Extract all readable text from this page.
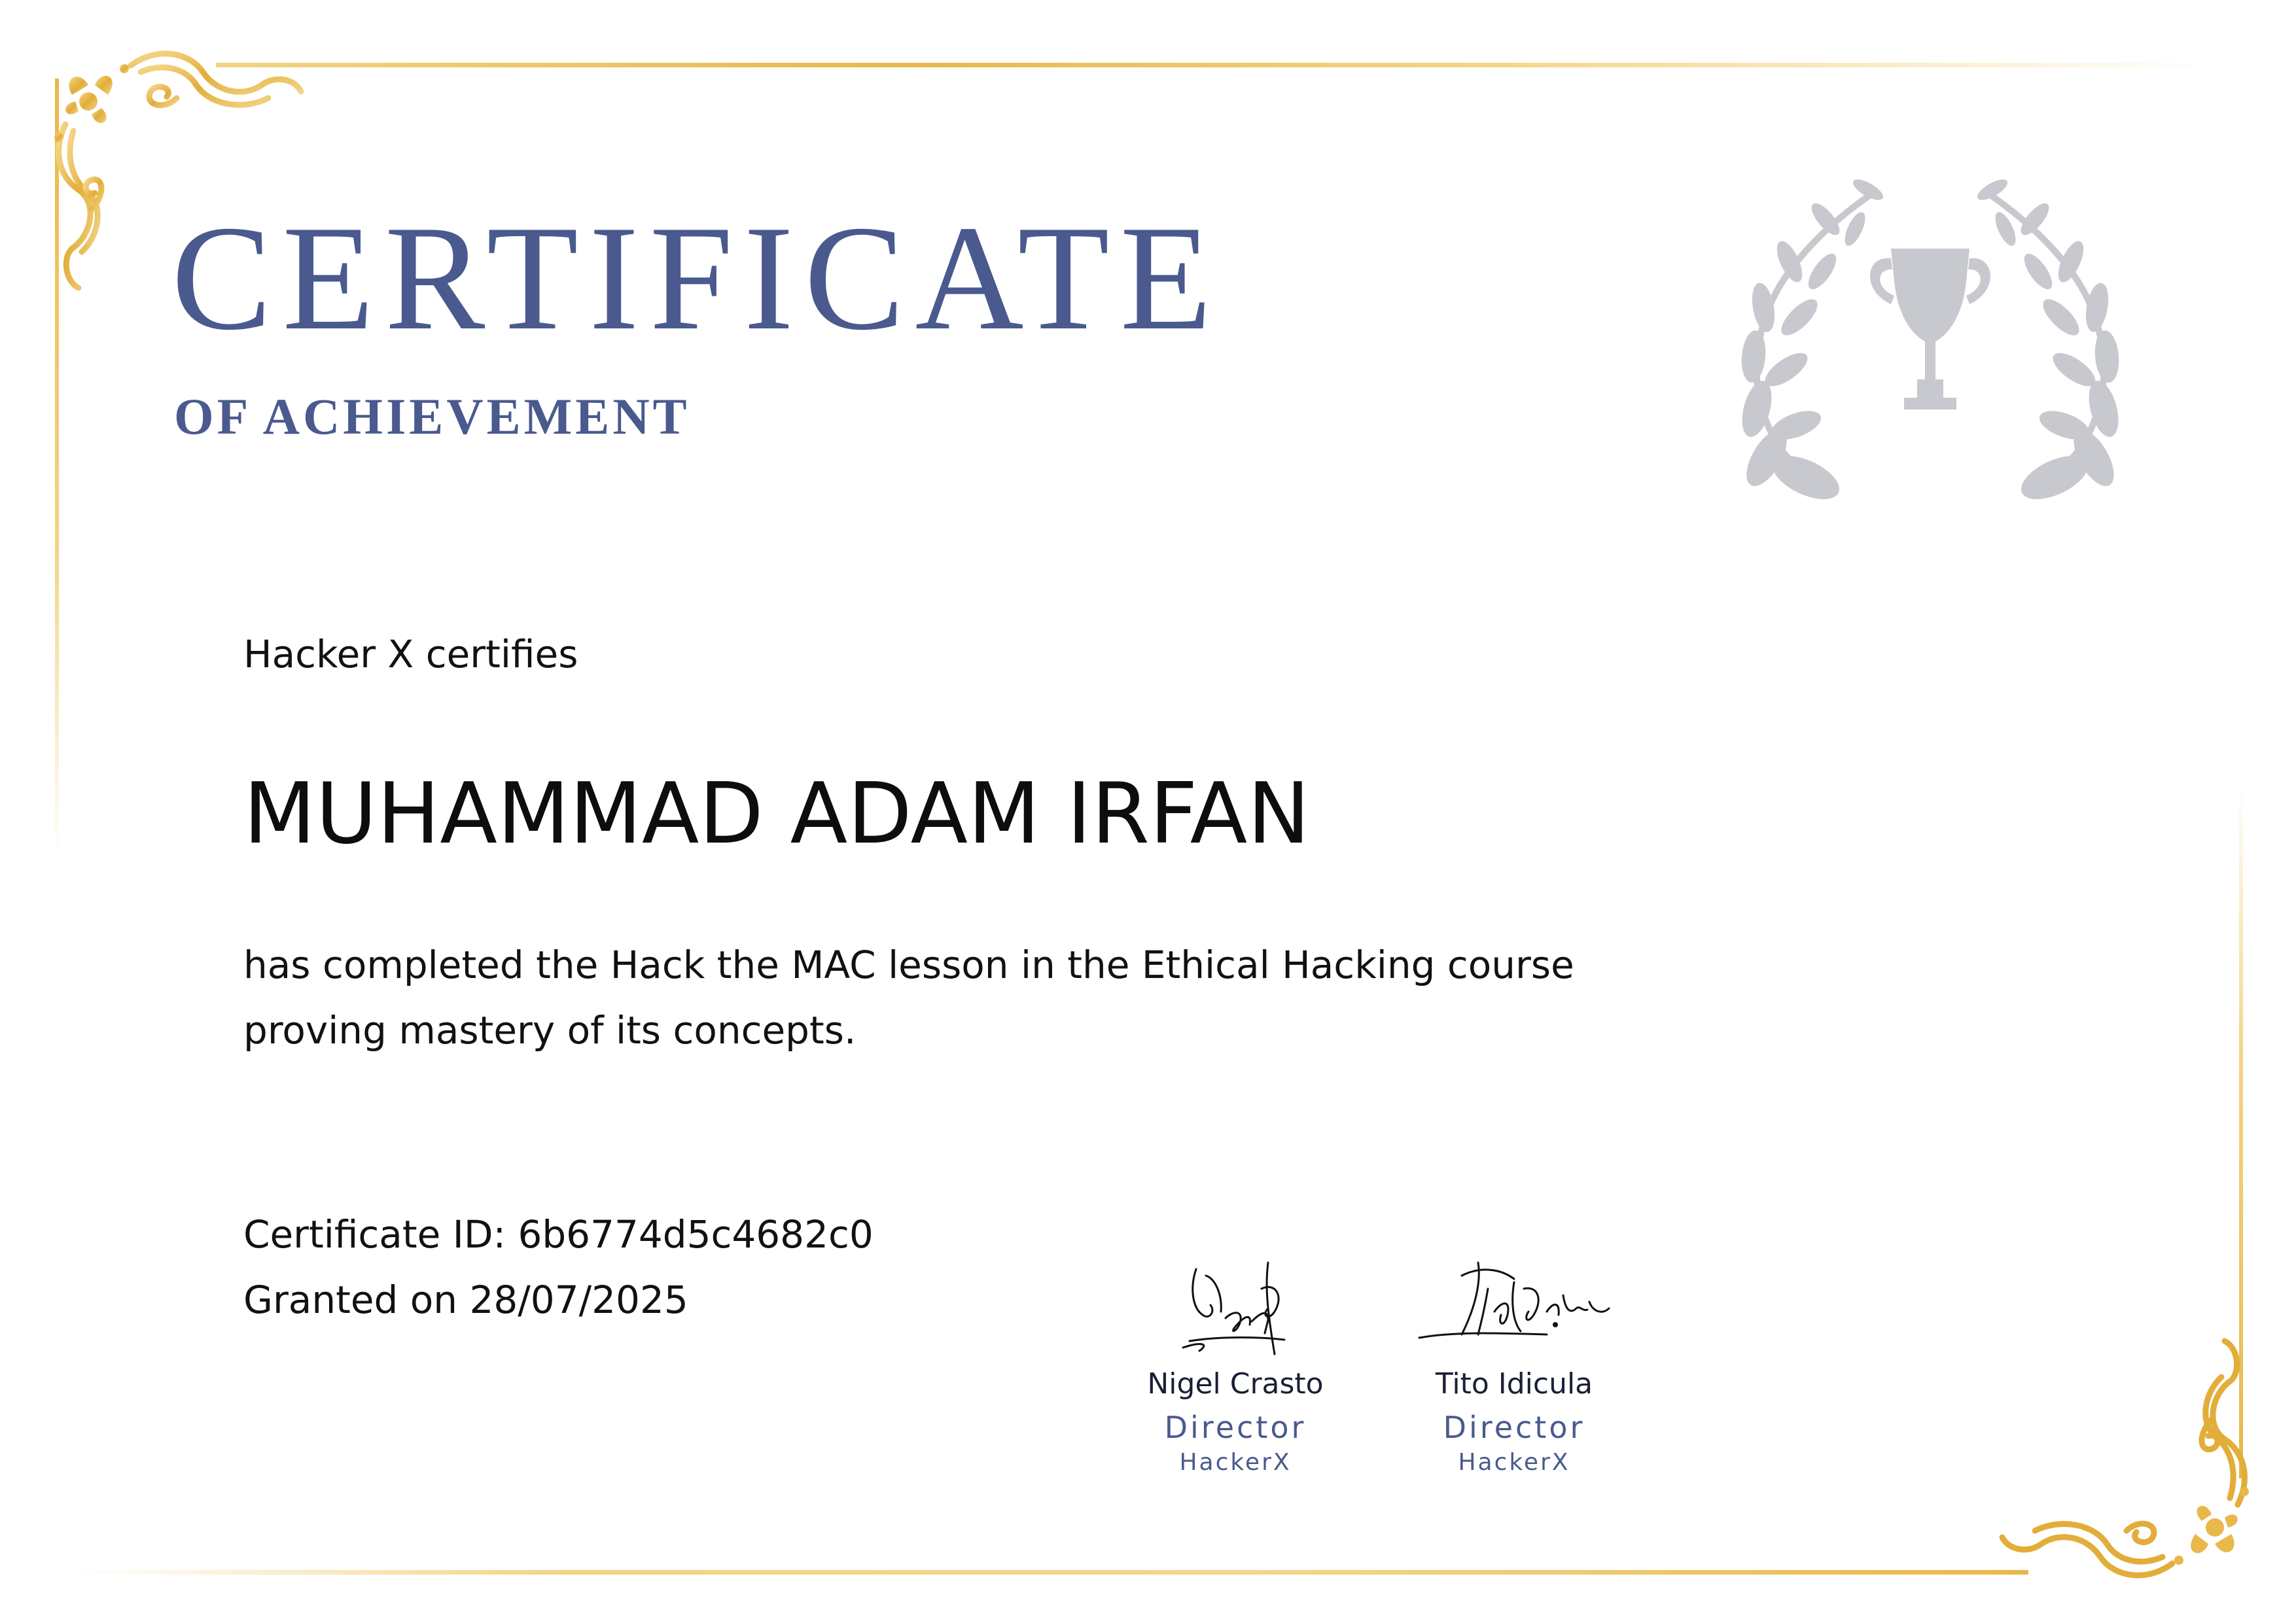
CERTIFICATE
OF ACHIEVEMENT
Hacker X certifies
MUHAMMAD ADAM IRFAN
has completed the Hack the MAC lesson in the Ethical Hacking course
proving mastery of its concepts.
Certificate ID: 6b6774d5c4682c0
Granted on 28/07/2025
Nigel Crasto
Director
HackerX
Tito Idicula
Director
HackerX
